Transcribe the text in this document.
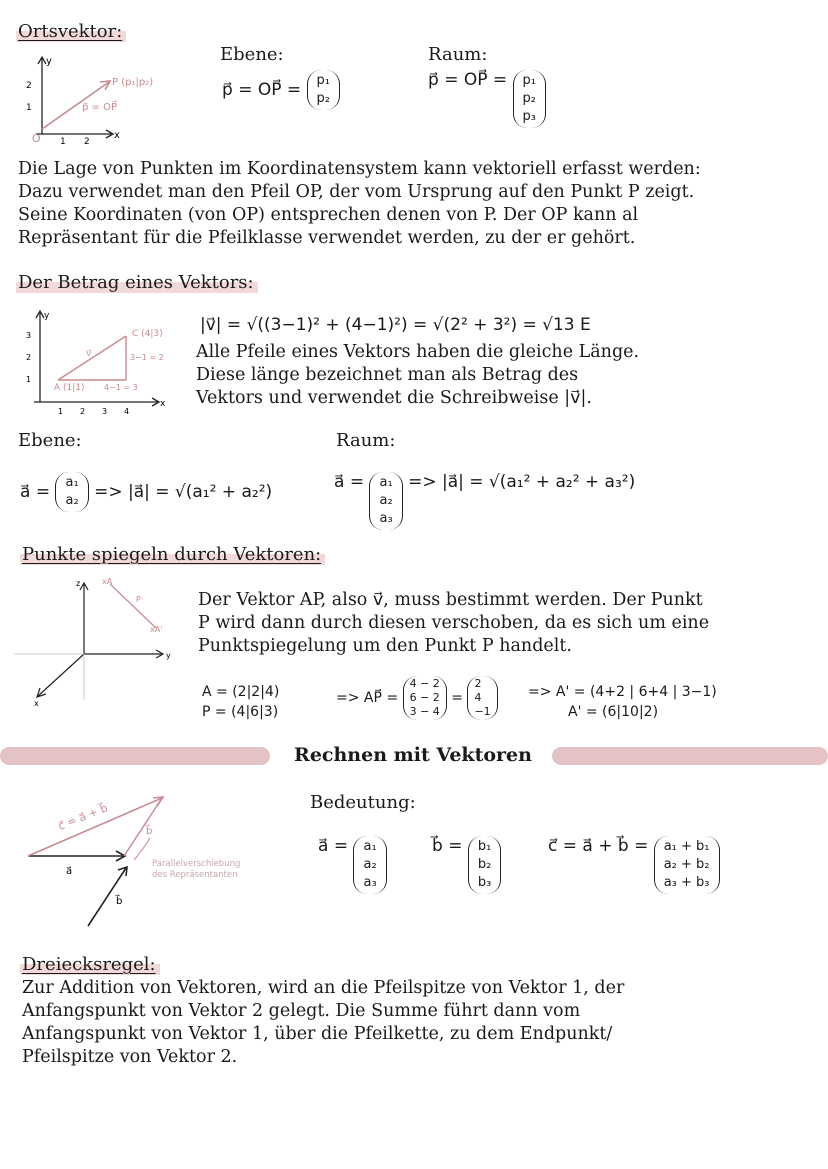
Ortsvektor:
y
x
O
2
1
1 2
P (p₁|p₂)
p⃗ = OP⃗
Ebene:
p⃗ = OP⃗ = p₁
p₂
Raum:
p⃗ = OP⃗ = p₁
p₂
p₃
Die Lage von Punkten im Koordinatensystem kann vektoriell erfasst werden:
Dazu verwendet man den Pfeil OP, der vom Ursprung auf den Punkt P zeigt.
Seine Koordinaten (von OP) entsprechen denen von P. Der OP kann al
Repräsentant für die Pfeilklasse verwendet werden, zu der er gehört.
Der Betrag eines Vektors:
y
x
3
2
1
1 2 3 4
A (1|1)
C (4|3)
4−1 = 3
3−1 = 2
v⃗
|v⃗| = √((3−1)² + (4−1)²) = √(2² + 3²) = √13 E
Alle Pfeile eines Vektors haben die gleiche Länge.
Diese länge bezeichnet man als Betrag des
Vektors und verwendet die Schreibweise |v⃗|.
Ebene:	Raum:
a⃗ = a₁
a₂ => |a⃗| = √(a₁² + a₂²)	a⃗ = a₁
a₂
a₃
=> |a⃗| = √(a₁² + a₂² + a₃²)
Punkte spiegeln durch Vektoren:
z
y
x
xA
P
xA'
Der Vektor AP, also v⃗, muss bestimmt werden. Der Punkt
P wird dann durch diesen verschoben, da es sich um eine
Punktspiegelung um den Punkt P handelt.
A = (2|2|4)
P = (4|6|3)
=> AP⃗ =
4 − 2
6 − 2
3 − 4
=
2
4
−1
=> A' = (4+2 | 6+4 | 3−1)
A' = (6|10|2)
Rechnen mit Vektoren
c⃗ = a⃗ + b⃗
a⃗
b⃗
b⃗
Parallelverschiebung
des Repräsentanten
Bedeutung:
a⃗ = a₁
a₂
a₃
b⃗ = b₁
b₂
b₃
c⃗ = a⃗ + b⃗ = a₁ + b₁
a₂ + b₂
a₃ + b₃
Dreiecksregel:
Zur Addition von Vektoren, wird an die Pfeilspitze von Vektor 1, der
Anfangspunkt von Vektor 2 gelegt. Die Summe führt dann vom
Anfangspunkt von Vektor 1, über die Pfeilkette, zu dem Endpunkt/
Pfeilspitze von Vektor 2.
